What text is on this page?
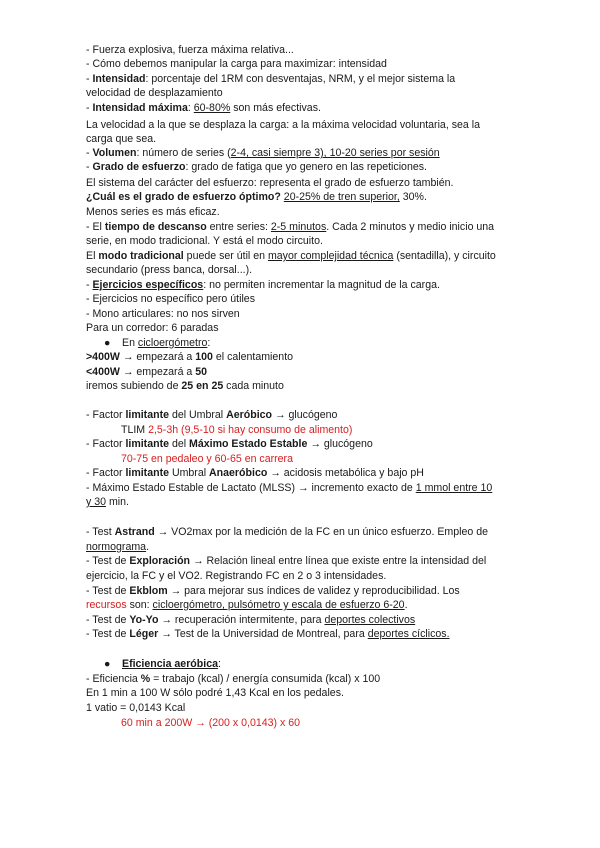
- Fuerza explosiva, fuerza máxima relativa...
- Cómo debemos manipular la carga para maximizar: intensidad
- Intensidad: porcentaje del 1RM con desventajas, NRM, y el mejor sistema la
velocidad de desplazamiento
- Intensidad máxima: 60-80% son más efectivas.
La velocidad a la que se desplaza la carga: a la máxima velocidad voluntaria, sea la
carga que sea.
- Volumen: número de series (2-4, casi siempre 3), 10-20 series por sesión
- Grado de esfuerzo: grado de fatiga que yo genero en las repeticiones.
El sistema del carácter del esfuerzo: representa el grado de esfuerzo también.
¿Cuál es el grado de esfuerzo óptimo? 20-25% de tren superior, 30%.
Menos series es más eficaz.
- El tiempo de descanso entre series: 2-5 minutos. Cada 2 minutos y medio inicio una
serie, en modo tradicional. Y está el modo circuito.
El modo tradicional puede ser útil en mayor complejidad técnica (sentadilla), y circuito
secundario (press banca, dorsal...).
- Ejercicios específicos: no permiten incrementar la magnitud de la carga.
- Ejercicios no específico pero útiles
- Mono articulares: no nos sirven
Para un corredor: 6 paradas
● En cicloergómetro:
>400W → empezará a 100 el calentamiento
<400W → empezará a 50
iremos subiendo de 25 en 25 cada minuto
- Factor limitante del Umbral Aeróbico → glucógeno
TLIM 2,5-3h (9,5-10 si hay consumo de alimento)
- Factor limitante del Máximo Estado Estable → glucógeno
70-75 en pedaleo y 60-65 en carrera
- Factor limitante Umbral Anaeróbico → acidosis metabólica y bajo pH
- Máximo Estado Estable de Lactato (MLSS) → incremento exacto de 1 mmol entre 10
y 30 min.
- Test Astrand → VO2max por la medición de la FC en un único esfuerzo. Empleo de
normograma.
- Test de Exploración → Relación lineal entre línea que existe entre la intensidad del
ejercicio, la FC y el VO2. Registrando FC en 2 o 3 intensidades.
- Test de Ekblom → para mejorar sus índices de validez y reproducibilidad. Los
recursos son: cicloergómetro, pulsómetro y escala de esfuerzo 6-20.
- Test de Yo-Yo → recuperación intermitente, para deportes colectivos
- Test de Léger → Test de la Universidad de Montreal, para deportes cíclicos.
● Eficiencia aeróbica:
- Eficiencia % = trabajo (kcal) / energía consumida (kcal) x 100
En 1 min a 100 W sólo podré 1,43 Kcal en los pedales.
1 vatio = 0,0143 Kcal
60 min a 200W → (200 x 0,0143) x 60
